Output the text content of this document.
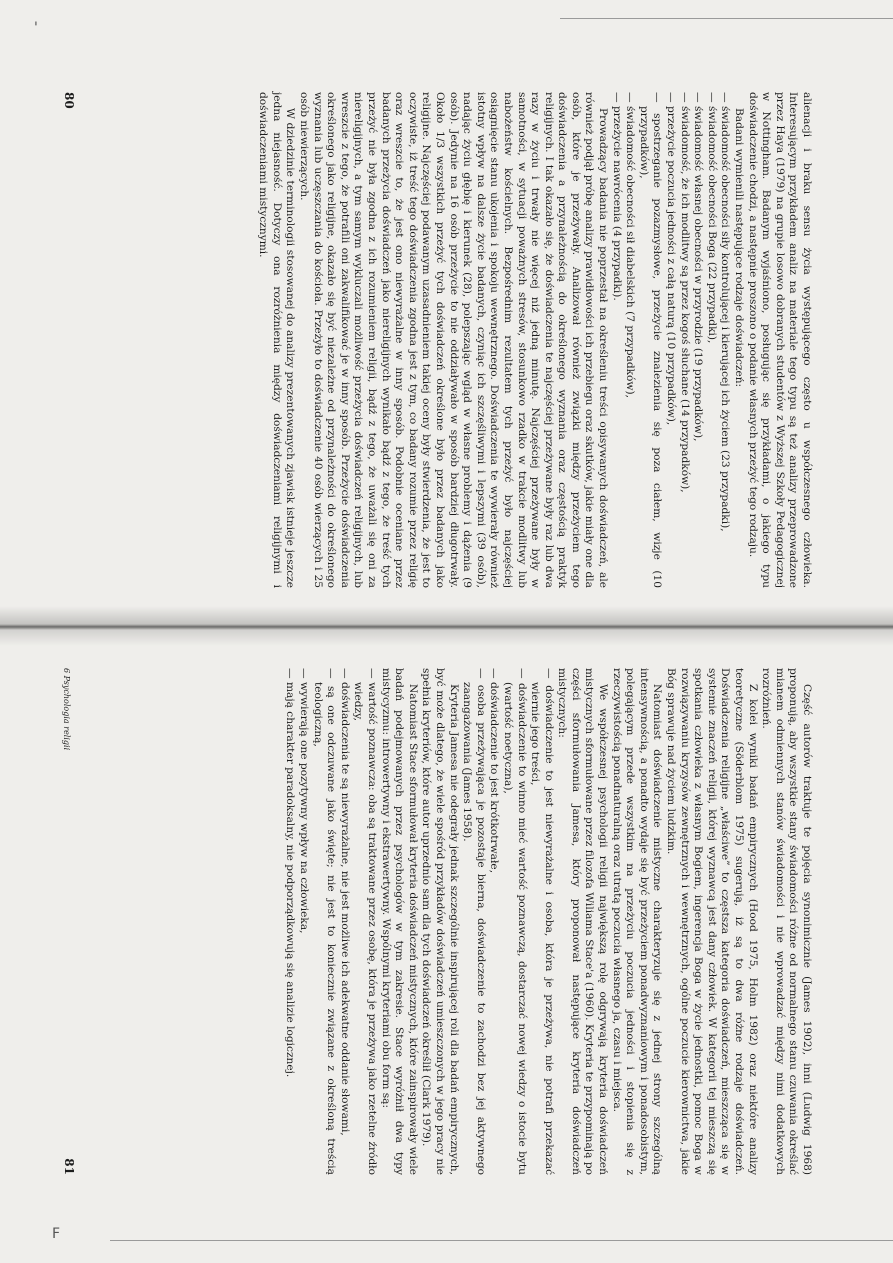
'
F

alienacji i braku sensu życia występującego często u współczesnego człowieka. Interesującym przykładem analiz na materiale tego typu są też analizy przeprowadzone przez Haya (1979) na grupie losowo dobranych studentów z Wyższej Szkoły Pedagogicznej w Nottingham. Badanym wyjaśniono, posługując się przykładami, o jakiego typu doświadczenie chodzi, a następnie proszono o podanie własnych przeżyć tego rodzaju.

Badani wymienili następujące rodzaje doświadczeń:

— świadomość obecności siły kontrolującej i kierującej ich życiem (23 przypadki),
— świadomość obecności Boga (22 przypadki),
— świadomość własnej obecności w przyrodzie (19 przypadków),
— świadomość, że ich modlitwy są przez kogoś słuchane (14 przypadków),
— przeżycie poczucia jedności z całą naturą (10 przypadków),
— spostrzeganie pozazmysłowe, przeżycie znalezienia się poza ciałem, wizje (10 przypadków),
— świadomość obecności sił diabelskich (7 przypadków),
— przeżycie nawrócenia (4 przypadki).

Prowadzący badania nie poprzestał na określeniu treści opisywanych doświadczeń, ale również podjął próbę analizy prawidłowości ich przebiegu oraz skutków, jakie miały one dla osób, które je przeżywały. Analizował również związki między przeżyciem tego doświadczenia a przynależnością do określonego wyznania oraz częstością praktyk religijnych. I tak okazało się, że doświadczenia te najczęściej przeżywane były raz lub dwa razy w życiu i trwały nie więcej niż jedną minutę. Najczęściej przeżywane były w samotności, w sytuacji poważnych stresów, stosunkowo rzadko w trakcie modlitwy lub nabożeństw kościelnych. Bezpośrednim rezultatem tych przeżyć było najczęściej osiągnięcie stanu ukojenia i spokoju wewnętrznego. Doświadczenia te wywierały również istotny wpływ na dalsze życie badanych, czyniąc ich szczęśliwymi i lepszymi (39 osób), nadając życiu głębię i kierunek (28), polepszając wgląd w własne problemy i dążenia (9 osób). Jedynie na 16 osób przeżycie to nie oddziaływało w sposób bardziej długotrwały. Około 1/3 wszystkich przeżyć tych doświadczeń określone było przez badanych jako religijne. Najczęściej podawanym uzasadnieniem takiej oceny były stwierdzenia, że jest to oczywiste, iż treść tego doświadczenia zgodna jest z tym, co badany rozumie przez religię oraz wreszcie to, że jest ono niewyrażalne w inny sposób. Podobnie oceniane przez badanych przeżycia doświadczeń jako niereligijnych wynikało bądź z tego, że treść tych przeżyć nie była zgodna z ich rozumieniem religii, bądź z tego, że uważali się oni za niereligijnych, a tym samym wykluczali możliwość przeżycia doświadczeń religijnych, lub wreszcie z tego, że potrafili oni zakwalifikować je w inny sposób. Przeżycie doświadczenia określonego jako religijne, okazało się być niezależne od przynależności do określonego wyznania lub uczęszczania do kościoła. Przeżyło to doświadczenie 40 osób wierzących i 25 osób niewierzących.

W dziedzinie terminologii stosowanej do analizy prezentowanych zjawisk istnieje jeszcze jedna niejasność. Dotyczy ona rozróżnienia między doświadczeniami religijnymi i doświadczeniami mistycznymi.

80

Część autorów traktuje te pojęcia synonimicznie (James 1902), inni (Ludwig 1968) proponują, aby wszystkie stany świadomości różne od normalnego stanu czuwania określać mianem odmiennych stanów świadomości i nie wprowadzać między nimi dodatkowych rozróżnień.

Z kolei wyniki badań empirycznych (Hood 1975, Holm 1982) oraz niektóre analizy teoretyczne (Söderblom 1975) sugerują, iż są to dwa różne rodzaje doświadczeń. Doświadczenia religijne „właściwe” to częstsza kategoria doświadczeń, mieszcząca się w systemie znaczeń religii, której wyznawcą jest dany człowiek. W kategorii tej mieszczą się spotkania człowieka z własnym Bogiem, ingerencja Boga w życie jednostki, pomoc Boga w rozwiązywaniu kryzysów zewnętrznych i wewnętrznych, ogólne poczucie kierownictwa, jakie Bóg sprawuje nad życiem ludzkim.

Natomiast doświadczenie mistyczne charakteryzuje się z jednej strony szczególną intensywnością, a ponadto wydaje się być przeżyciem ponadwyznaniowym i ponadosobistym, polegającym przede wszystkim na przeżyciu poczucia jedności i stopienia się z rzeczywistością ponadnaturalną oraz utratą poczucia własnego ja, czasu i miejsca.

We współczesnej psychologii religii największą rolę odgrywają kryteria doświadczeń mistycznych sformułowane przez filozofa Wiliama Stace'a (1960). Kryteria te przypominają po części sformułowania Jamesa, który proponował następujące kryteria doświadczeń mistycznych:

— doświadczenie to jest niewyrażalne i osoba, która je przeżywa, nie potrafi przekazać wiernie jego treści,
— doświadczenie to winno mieć wartość poznawczą, dostarczać nowej wiedzy o istocie bytu (wartość noetyczna),
— doświadczenie to jest krótkotrwałe,
— osoba przeżywająca je pozostaje bierna, doświadczenie to zachodzi bez jej aktywnego zaangażowania (James 1958).

Kryteria Jamesa nie odegrały jednak szczególnie inspirującej roli dla badań empirycznych, być może dlatego, że wiele spośród przykładów doświadczeń umieszczonych w jego pracy nie spełnia kryteriów, które autor uprzednio sam dla tych doświadczeń określił (Clark 1979).

Natomiast Stace sformułował kryteria doświadczeń mistycznych, które zainspirowały wiele badań podejmowanych przez psychologów w tym zakresie. Stace wyróżnił dwa typy mistycyzmu: introwertywny i ekstrawertywny. Wspólnymi kryteriami obu form są:

— wartość poznawcza: oba są traktowane przez osobę, która je przeżywa jako rzetelne źródło wiedzy,
— doświadczenia te są niewyrażalne, nie jest możliwe ich adekwatne oddanie słowami,
— są one odczuwane jako święte; nie jest to koniecznie związane z określoną treścią teologiczną,
— wywierają one pozytywny wpływ na człowieka,
— mają charakter paradoksalny, nie podporządkowują się analizie logicznej.
6 Psychologia religii
81
